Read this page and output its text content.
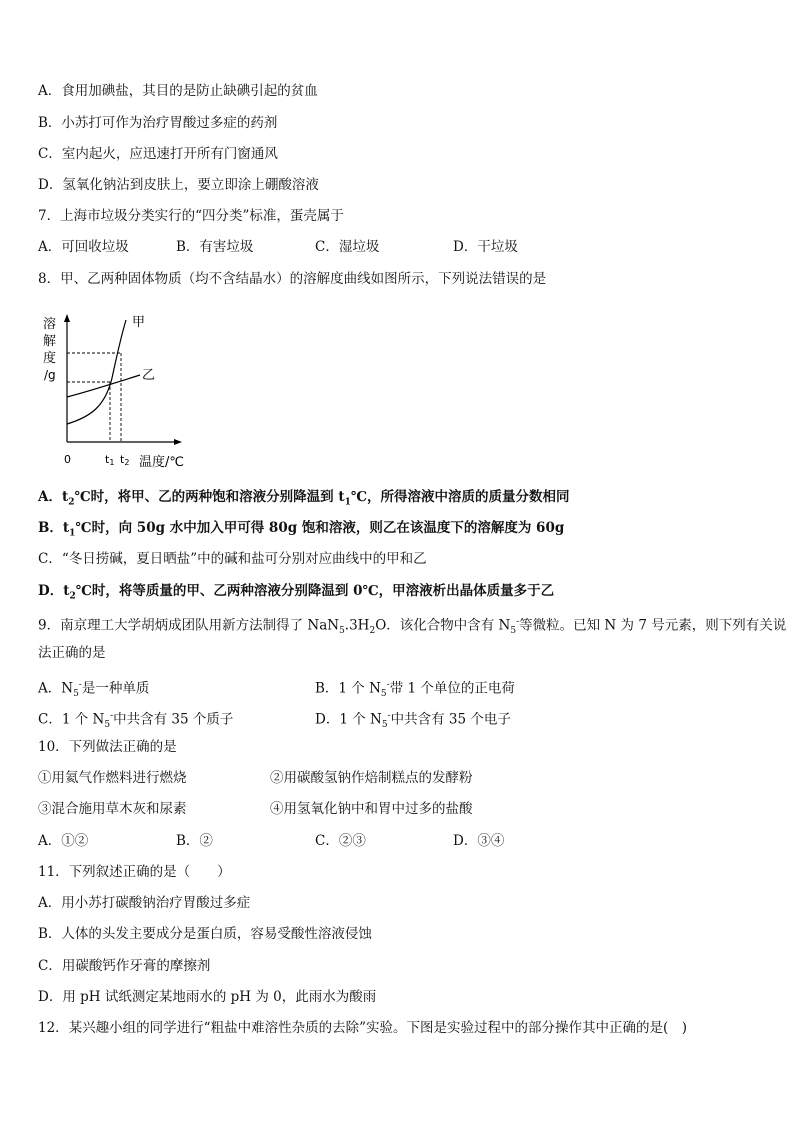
A．食用加碘盐，其目的是防止缺碘引起的贫血
B．小苏打可作为治疗胃酸过多症的药剂
C．室内起火，应迅速打开所有门窗通风
D．氢氧化钠沾到皮肤上，要立即涂上硼酸溶液
7．上海市垃圾分类实行的“四分类”标准，蛋壳属于
A．可回收垃圾	B．有害垃圾	C．湿垃圾	D．干垃圾
8．甲、乙两种固体物质（均不含结晶水）的溶解度曲线如图所示，下列说法错误的是
溶
解
度
/g
甲
乙
0	t1 t2 温度/℃
A．$t_2℃$时，将甲、乙的两种饱和溶液分别降温到 $t_1℃$，所得溶液中溶质的质量分数相同
B．$t_1℃$时，向 50g 水中加入甲可得 80g 饱和溶液，则乙在该温度下的溶解度为 60g
C．“冬日捞碱，夏日晒盐”中的碱和盐可分别对应曲线中的甲和乙
D．$t_2℃$时，将等质量的甲、乙两种溶液分别降温到 0℃，甲溶液析出晶体质量多于乙
9．南京理工大学胡炳成团队用新方法制得了 $NaN_5.3H_2O$．该化合物中含有 $N_5^-$等微粒。已知 N 为 7 号元素，则下列有关说
法正确的是
A．$N_5^-$是一种单质	B．1 个 $N_5^-$带 1 个单位的正电荷
C．1 个 $N_5^-$中共含有 35 个质子	D．1 个 $N_5^-$中共含有 35 个电子
10．下列做法正确的是
①用氦气作燃料进行燃烧	②用碳酸氢钠作焙制糕点的发酵粉
③混合施用草木灰和尿素	④用氢氧化钠中和胃中过多的盐酸
A．①②	B．②	C．②③	D．③④
11．下列叙述正确的是（　　）
A．用小苏打碳酸钠治疗胃酸过多症
B．人体的头发主要成分是蛋白质，容易受酸性溶液侵蚀
C．用碳酸钙作牙膏的摩擦剂
D．用 pH 试纸测定某地雨水的 pH 为 0，此雨水为酸雨
12．某兴趣小组的同学进行“粗盐中难溶性杂质的去除”实验。下图是实验过程中的部分操作其中正确的是(　)
